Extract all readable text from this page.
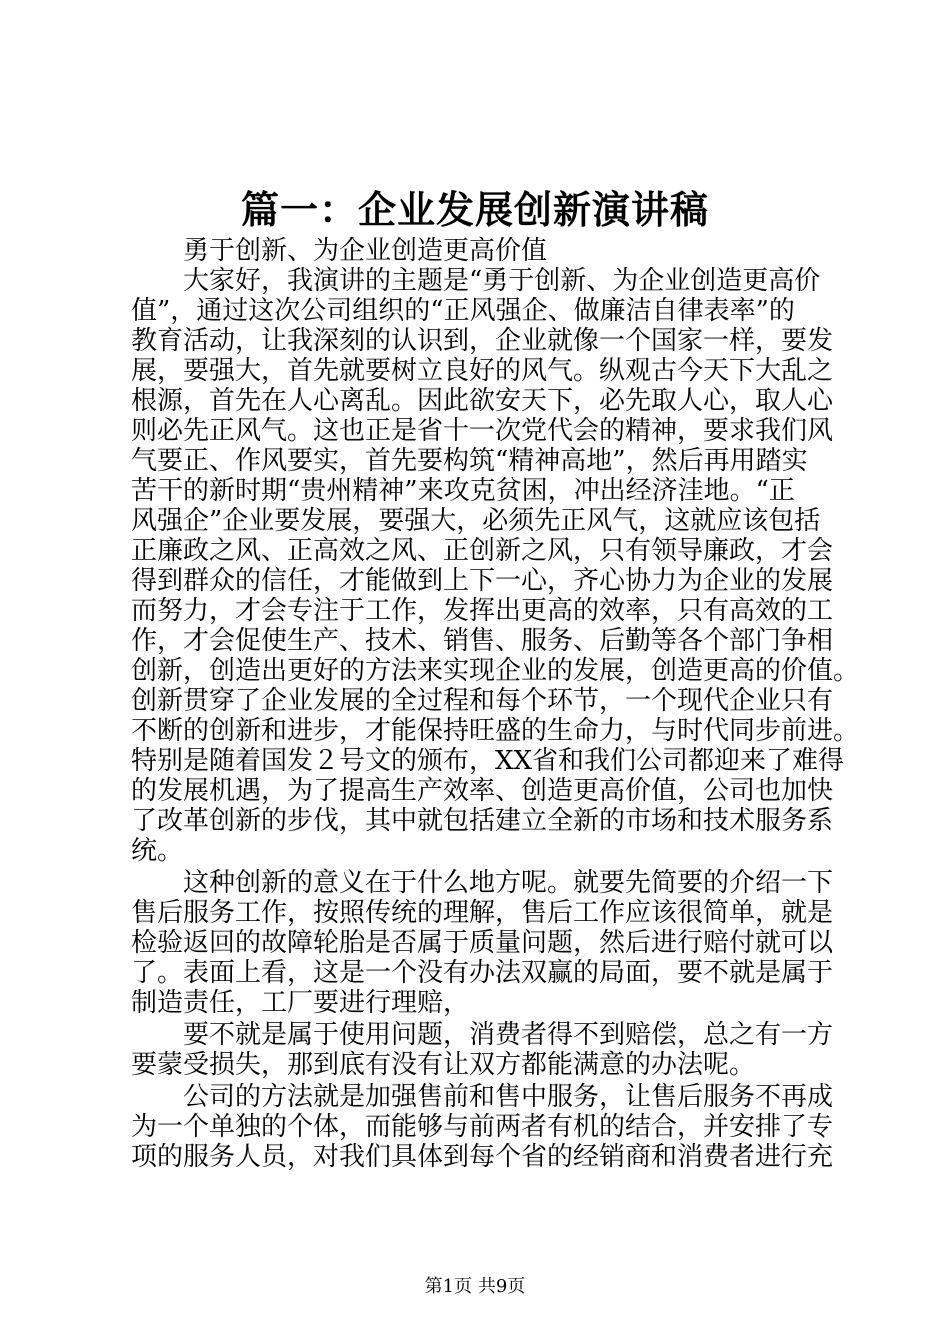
篇一：企业发展创新演讲稿

勇于创新、为企业创造更高价值

大家好，我演讲的主题是“勇于创新、为企业创造更高价
值”，通过这次公司组织的“正风强企、做廉洁自律表率”的
教育活动，让我深刻的认识到，企业就像一个国家一样，要发
展，要强大，首先就要树立良好的风气。纵观古今天下大乱之
根源，首先在人心离乱。因此欲安天下，必先取人心，取人心
则必先正风气。这也正是省十一次党代会的精神，要求我们风
气要正、作风要实，首先要构筑“精神高地”，然后再用踏实
苦干的新时期“贵州精神”来攻克贫困，冲出经济洼地。“正
风强企”企业要发展，要强大，必须先正风气，这就应该包括
正廉政之风、正高效之风、正创新之风，只有领导廉政，才会
得到群众的信任，才能做到上下一心，齐心协力为企业的发展
而努力，才会专注于工作，发挥出更高的效率，只有高效的工
作，才会促使生产、技术、销售、服务、后勤等各个部门争相
创新，创造出更好的方法来实现企业的发展，创造更高的价值。
创新贯穿了企业发展的全过程和每个环节，一个现代企业只有
不断的创新和进步，才能保持旺盛的生命力，与时代同步前进。
特别是随着国发２号文的颁布，XX省和我们公司都迎来了难得
的发展机遇，为了提高生产效率、创造更高价值，公司也加快
了改革创新的步伐，其中就包括建立全新的市场和技术服务系
统。

这种创新的意义在于什么地方呢。就要先简要的介绍一下
售后服务工作，按照传统的理解，售后工作应该很简单，就是
检验返回的故障轮胎是否属于质量问题，然后进行赔付就可以
了。表面上看，这是一个没有办法双赢的局面，要不就是属于
制造责任，工厂要进行理赔，

要不就是属于使用问题，消费者得不到赔偿，总之有一方
要蒙受损失，那到底有没有让双方都能满意的办法呢。

公司的方法就是加强售前和售中服务，让售后服务不再成
为一个单独的个体，而能够与前两者有机的结合，并安排了专
项的服务人员，对我们具体到每个省的经销商和消费者进行充

第1页 共9页
